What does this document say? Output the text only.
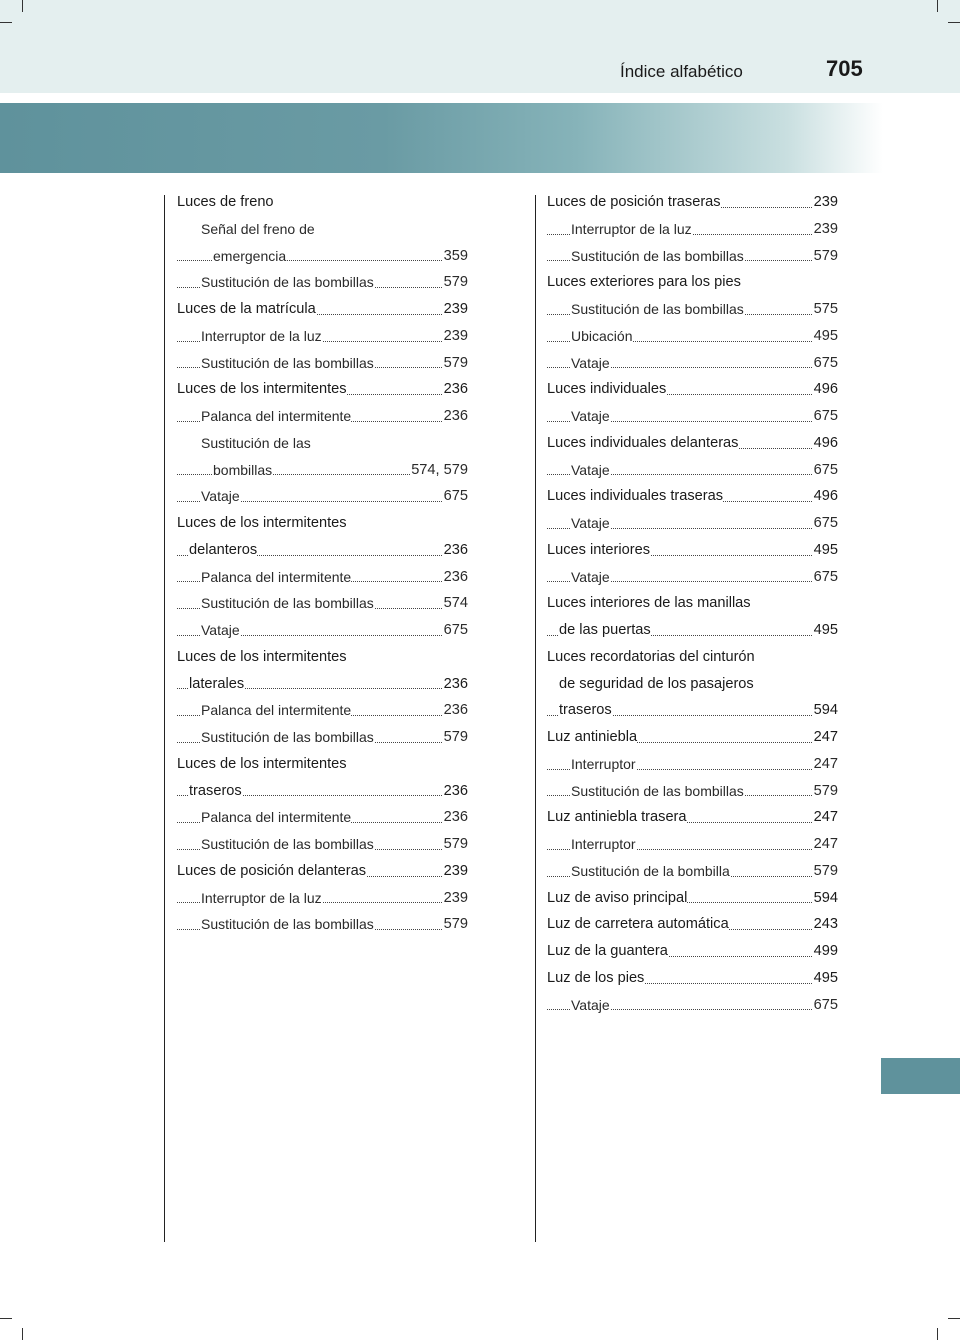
Índice alfabético	705
Luces de freno
Señal del freno de
emergencia	359
Sustitución de las bombillas	579
Luces de la matrícula	239
Interruptor de la luz	239
Sustitución de las bombillas	579
Luces de los intermitentes	236
Palanca del intermitente	236
Sustitución de las
bombillas	574, 579
Vataje	675
Luces de los intermitentes
delanteros	236
Palanca del intermitente	236
Sustitución de las bombillas	574
Vataje	675
Luces de los intermitentes
laterales	236
Palanca del intermitente	236
Sustitución de las bombillas	579
Luces de los intermitentes
traseros	236
Palanca del intermitente	236
Sustitución de las bombillas	579
Luces de posición delanteras	239
Interruptor de la luz	239
Sustitución de las bombillas	579
Luces de posición traseras	239
Interruptor de la luz	239
Sustitución de las bombillas	579
Luces exteriores para los pies
Sustitución de las bombillas	575
Ubicación	495
Vataje	675
Luces individuales	496
Vataje	675
Luces individuales delanteras	496
Vataje	675
Luces individuales traseras	496
Vataje	675
Luces interiores	495
Vataje	675
Luces interiores de las manillas
de las puertas	495
Luces recordatorias del cinturón
de seguridad de los pasajeros
traseros	594
Luz antiniebla	247
Interruptor	247
Sustitución de las bombillas	579
Luz antiniebla trasera	247
Interruptor	247
Sustitución de la bombilla	579
Luz de aviso principal	594
Luz de carretera automática	243
Luz de la guantera	499
Luz de los pies	495
Vataje	675
